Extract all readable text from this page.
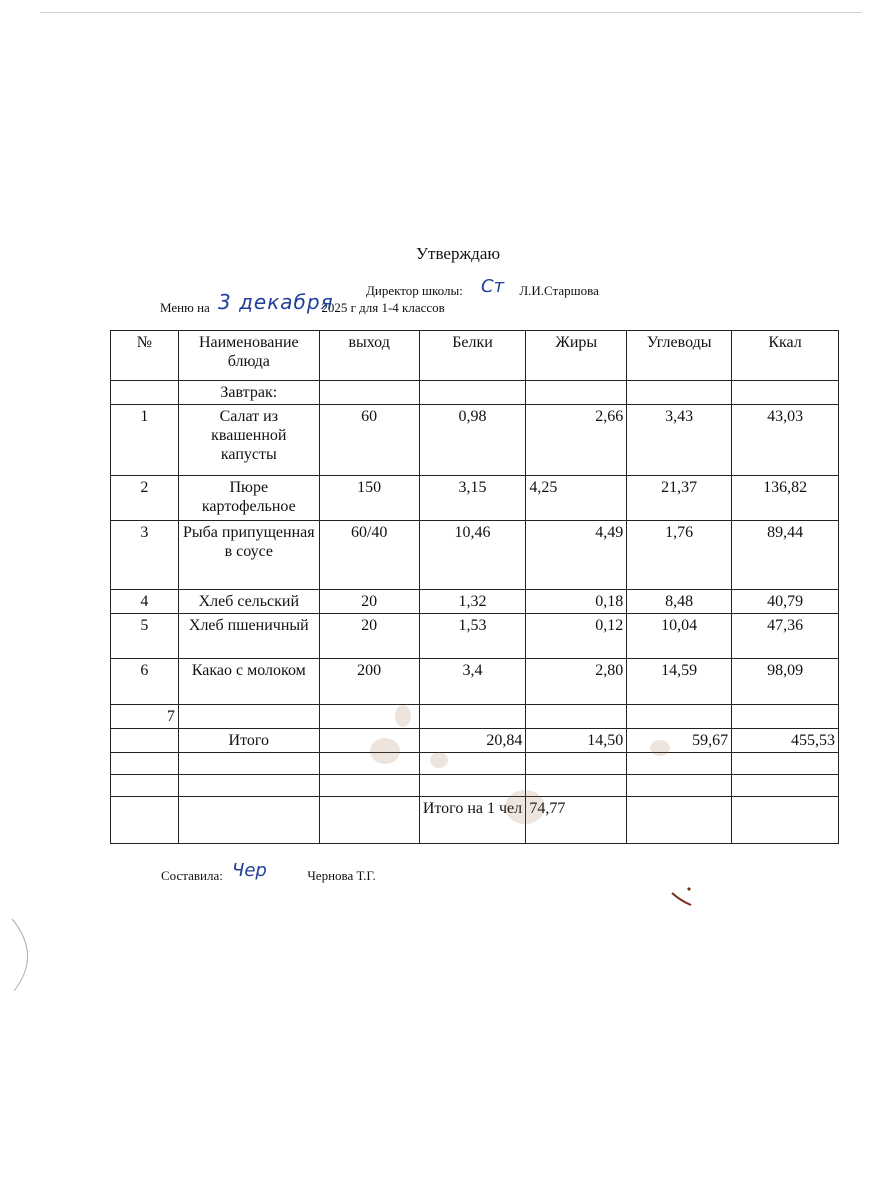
Утверждаю
Директор школы:	Л.И.Старшова
Ст
Меню на	2025 г для 1-4 классов
3 декабря
№	Наименование блюда	выход	Белки	Жиры	Углеводы	Ккал
	Завтрак:					
1	Салат из квашенной капусты	60	0,98	2,66	3,43	43,03
2	Пюре картофельное	150	3,15	4,25	21,37	136,82
3	Рыба припущенная в соусе	60/40	10,46	4,49	1,76	89,44
4	Хлеб сельский	20	1,32	0,18	8,48	40,79
5	Хлеб пшеничный	20	1,53	0,12	10,04	47,36
6	Какао с молоком	200	3,4	2,80	14,59	98,09
7						
	Итого		20,84	14,50	59,67	455,53

			Итого на 1 чел	74,77		
Составила:	Чернова Т.Г.
Чер
